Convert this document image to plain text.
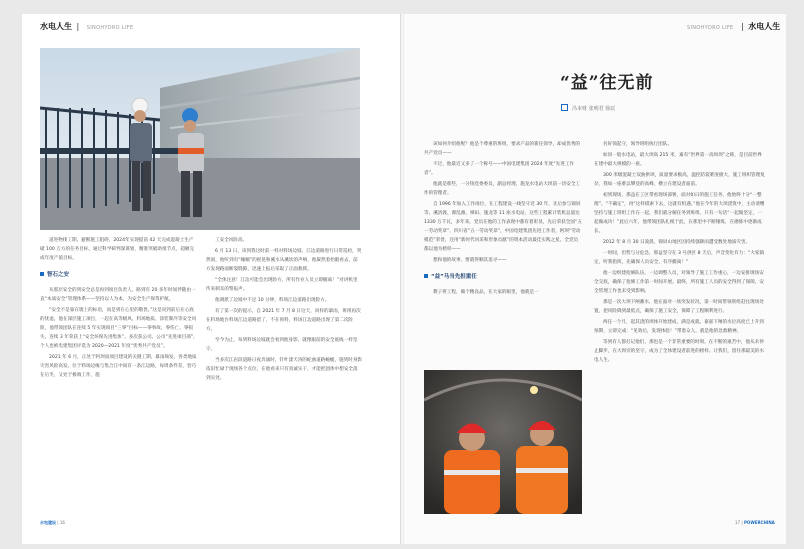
水电人生 | SINOHYDRO LIFE	SINOHYDRO LIFE | 水电人生

道进物排工期、避断施工阻碍，2024年实现提前 42 天完成混凝土生产破 100 万方的任务目标，通过科学研判深谋划，精准突破助推节点，超额完成年度产值目标。

智石之安

从那层安全的到安全总是再到项目负责人，路到有 20 多年时间伴随由一直“本质安全”管理体系——坚持以人为本，为安全生产保驾护航。

“安全不是靠在墙上的标语，而是到在心里的敬畏。”这是说到前后在心底的忧虑，他在深层施工项目，一起在高等级风、料场地质、涂装制冷等安全风险，他带领团队在连续 5 年实现项目“三零”目标——零事故、零伤亡、零损失，连续 3 年荣获上“安全环保先进集体”。多次获公司、公司“先进项目部”，个人也被电建集团评选为 2020—2021 年度“优秀共产党员”。

2021 年 6 月，正处于阿坝雨项目建设的关键工期，暴雨频发，各类地质灾害风险高发。位于料场边缘与集合江中间有一条江边路，每周条件差，恰巧在后冬，又处于极端工作，施

工安全风险高。

6 月 13 日，该到我这时前一样对料场边坡、江边道路进行日常巡检，突然间，他听到有“嘣嘣”的摇晃和溪水从溪坎的声响，他凝然着抬眼看去，前方发现路面断裂缝隙，迅速上报后采取了正面救援。

“全体注意！江边可能会出现险方，所有作业人员立即撤离！”对讲机里传来刺耳的警报声。

他调派了边坡中不足 10 分钟，料场江边道路出现险方。

有了第一次的提示，自 2021 年 7 月 8 日这天，同样的暴雨，班组再次在料场地台料场江边道路留了，不在预料，料场江边道路出现了第二次险方。

至今为止，每到料场边坡就会看到他身影，就像眼前的安全底线一样坚守。

当多次江岩段道路日夜奔涌时，针叶漾天涛的蛇曲道路蜿蜒，施到时身影依旧忙碌于现场各个点位，在他看来只有真诚实干，才能把团体中想安全落到实处。

“益”往无前
冯本财 张明君 徐辰

该如何介绍他呢？他是个尊重的班组，要求产品的新任领导，却成优秀的共产党员——

不过，他最近又多了一个称号——中国电建集团 2024 年度“先进工作者”。

他就是那些，一分钱党委委员，副总经理，施龙水电站大坝前一切安全工作的管理者。

自 1996 年加入工作岗位，在工程建设一线坚守近 30 年，先后参与锦屏等、溪洛渡、瀑乱滩、梯田、施龙等 11 座水电站，这些工程累计装机总量达 1330 万千瓦，多年来，党员在他的工作表现中都有着彰显，先后荣获全国“五一劳动奖章”、四川省“五一劳动奖章”，中国电建集团先进工作者，阿坝“劳动模范”荣誉，还用“新时代风采和形象贡献”的资本活动最佳实践之星。全党员都以他为榜样——

想和他的故事，要就得顺其追寻——

“益”马当先担重任

教子将工程，做个精良品，在大家的眼里，他就是一

名好领起守，领导班组执行团队。

如同一般水电站，最大坝高 215 米，素有“世界第一高坝坝”之称，是目前世界在建中最大规模的一座。

300 米级混凝土双曲拱坝，质量要求极高，温控防裂难度极大，施工组织管理复杂，我如一座难以攀登的高峰，横立在建设者面前。

初到现场，那益在工区带看现场部署，面对如日的施工任务，他始终十分“一整理”、“不确定”，再“这样摸索下去，这就有机遇。”他在今年的大坝浇筑中，主动请缨坚持与施工班组工作在一起，我们就分解任务到班组，只有一句话“一起做坚定，一起做成功！”此后六年，他带领团队扎根于此，在那里中不断锤炼，在磨炼中逐渐成长。

2012 年 8 月 30 日凌晨，锦屏山地区因持续强降雨遭受数处地质灾害。

一时间，但势与分危急，那益坚守在 3 号供区 8 天后，声音变化有力：“大家镇定，听我指挥，先确保人员安全，有序撤离！”

他一边组建抢修队伍，一边调整人员，对领导了施工工作重心，一边安排现场安全交底，确保了抢修工作第一时间开展。最终，所有施工人员的安全得到了保障，安全管理工作也未受到影响。

那是一次大坝下闸蓄水，他在面对一场突发状况，第一时间带领班组赶往现场处置，把风险降到最低点，确保了施工安全，保障了工程顺利进行。

两任一个月，起其浇的坝体开始建成，满是成就。嘉嘉下闸的水位高度已上升到预期，立即完成：“见效后，发现体验！”带着众人，就是他的急救精神。

等到有人都打记他们，那也是一个非常重要的时刻。在不断的艰苦中，他从未停止脚步，在大坝旁的坚守，成为了全体建设者前进的榜样。让我们，留住那最美的水电人生。

水电建设 | 16	17 | POWERCHINA
